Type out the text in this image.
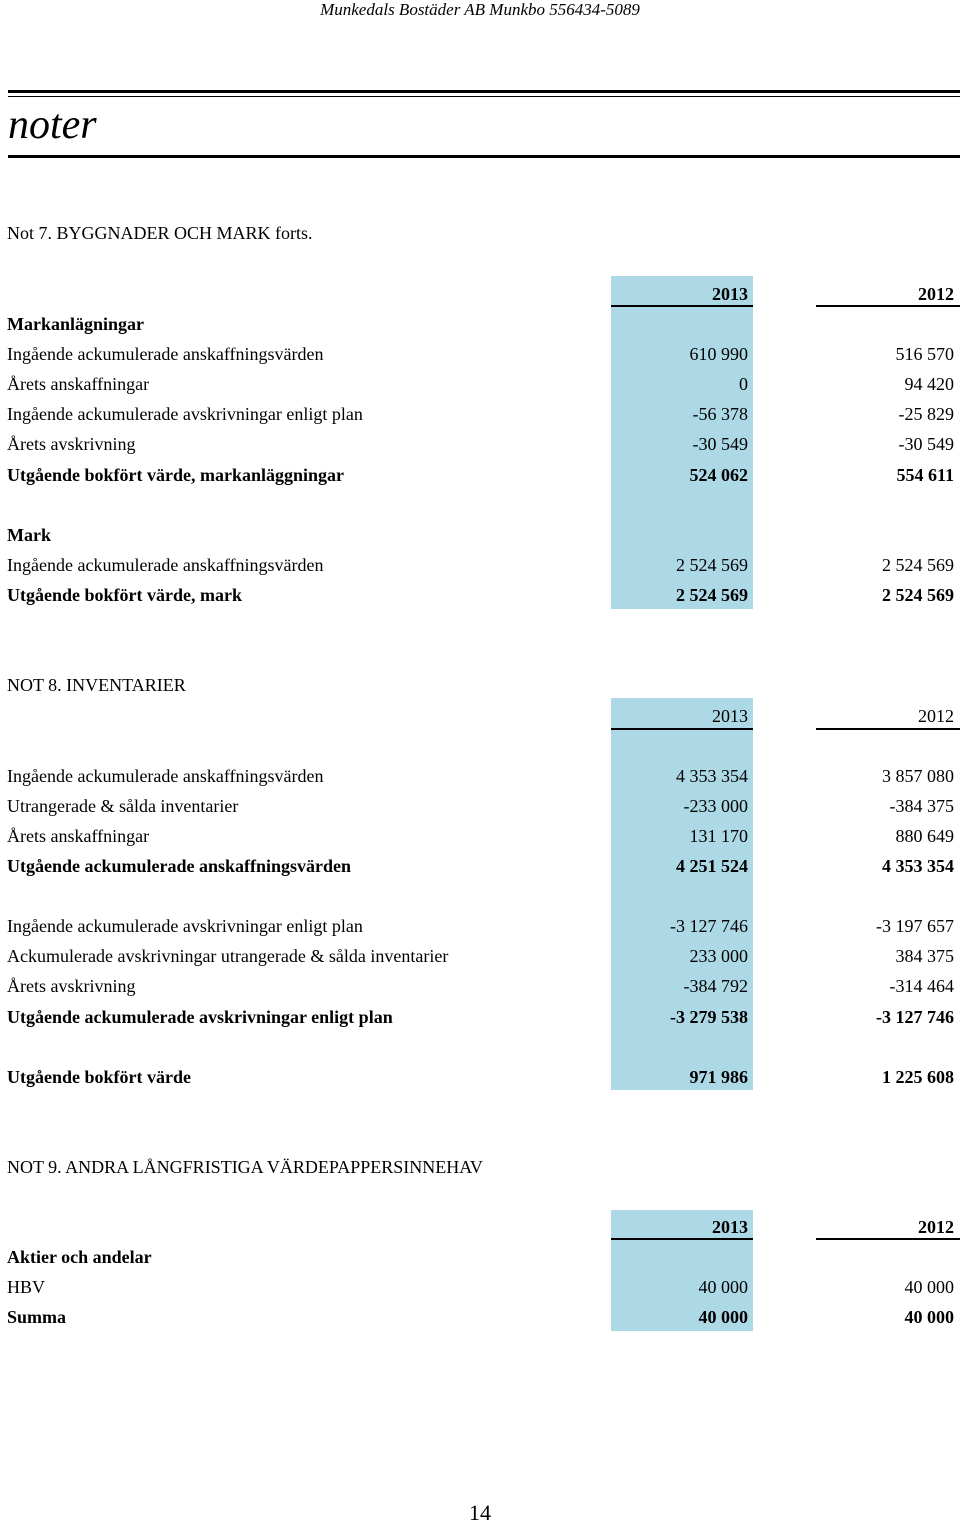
Munkedals Bostäder AB Munkbo 556434-5089
noter
Not 7. BYGGNADER OCH MARK forts.
2013	2012
Markanlägningar
Ingående ackumulerade anskaffningsvärden	610 990	516 570
Årets anskaffningar	0	94 420
Ingående ackumulerade avskrivningar enligt plan	-56 378	-25 829
Årets avskrivning	-30 549	-30 549
Utgående bokfört värde, markanläggningar	524 062	554 611
Mark
Ingående ackumulerade anskaffningsvärden	2 524 569	2 524 569
Utgående bokfört värde, mark	2 524 569	2 524 569
NOT 8. INVENTARIER
2013	2012
Ingående ackumulerade anskaffningsvärden	4 353 354	3 857 080
Utrangerade & sålda inventarier	-233 000	-384 375
Årets anskaffningar	131 170	880 649
Utgående ackumulerade anskaffningsvärden	4 251 524	4 353 354
Ingående ackumulerade avskrivningar enligt plan	-3 127 746	-3 197 657
Ackumulerade avskrivningar utrangerade & sålda inventarier	233 000	384 375
Årets avskrivning	-384 792	-314 464
Utgående ackumulerade avskrivningar enligt plan	-3 279 538	-3 127 746
Utgående bokfört värde	971 986	1 225 608
NOT 9. ANDRA LÅNGFRISTIGA VÄRDEPAPPERSINNEHAV
2013	2012
Aktier och andelar
HBV	40 000	40 000
Summa	40 000	40 000
14
